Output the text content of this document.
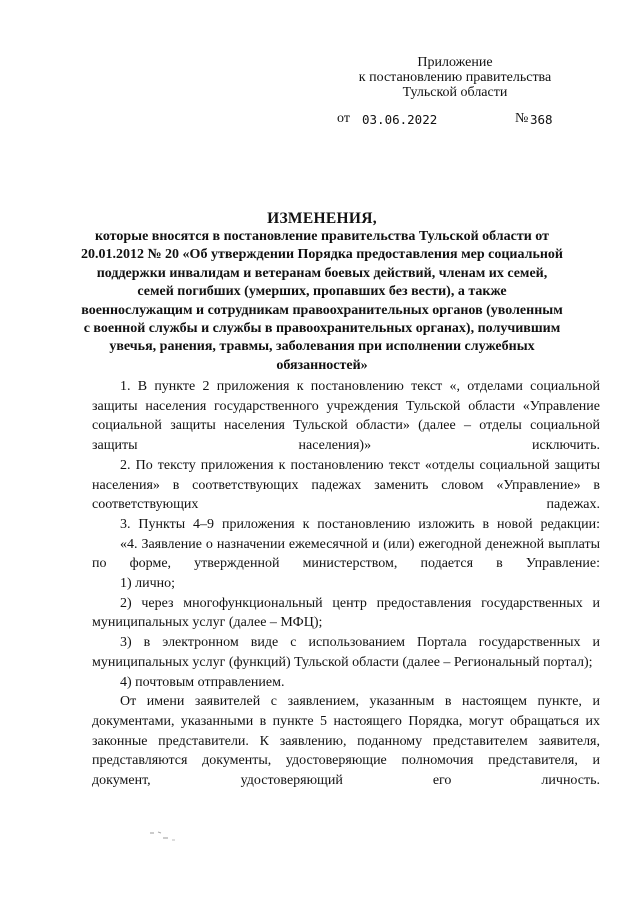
Приложение
к постановлению правительства
Тульской области
от 03.06.2022	№ 368
ИЗМЕНЕНИЯ,

которые вносятся в постановление правительства Тульской области от 20.01.2012 № 20 «Об утверждении Порядка предоставления мер социальной поддержки инвалидам и ветеранам боевых действий, членам их семей, семей погибших (умерших, пропавших без вести), а также военнослужащим и сотрудникам правоохранительных органов (уволенным с военной службы и службы в правоохранительных органах), получившим увечья, ранения, травмы, заболевания при исполнении служебных обязанностей»

1. В пункте 2 приложения к постановлению текст «, отделами социальной защиты населения государственного учреждения Тульской области «Управление социальной защиты населения Тульской области» (далее – отделы социальной защиты населения)» исключить.

2. По тексту приложения к постановлению текст «отделы социальной защиты населения» в соответствующих падежах заменить словом «Управление» в соответствующих падежах.

3. Пункты 4–9 приложения к постановлению изложить в новой редакции:

«4. Заявление о назначении ежемесячной и (или) ежегодной денежной выплаты по форме, утвержденной министерством, подается в Управление:

1) лично;

2) через многофункциональный центр предоставления государственных и муниципальных услуг (далее – МФЦ);

3) в электронном виде с использованием Портала государственных и муниципальных услуг (функций) Тульской области (далее – Региональный портал);

4) почтовым отправлением.

От имени заявителей с заявлением, указанным в настоящем пункте, и документами, указанными в пункте 5 настоящего Порядка, могут обращаться их законные представители. К заявлению, поданному представителем заявителя, представляются документы, удостоверяющие полномочия представителя, и документ, удостоверяющий его личность.
